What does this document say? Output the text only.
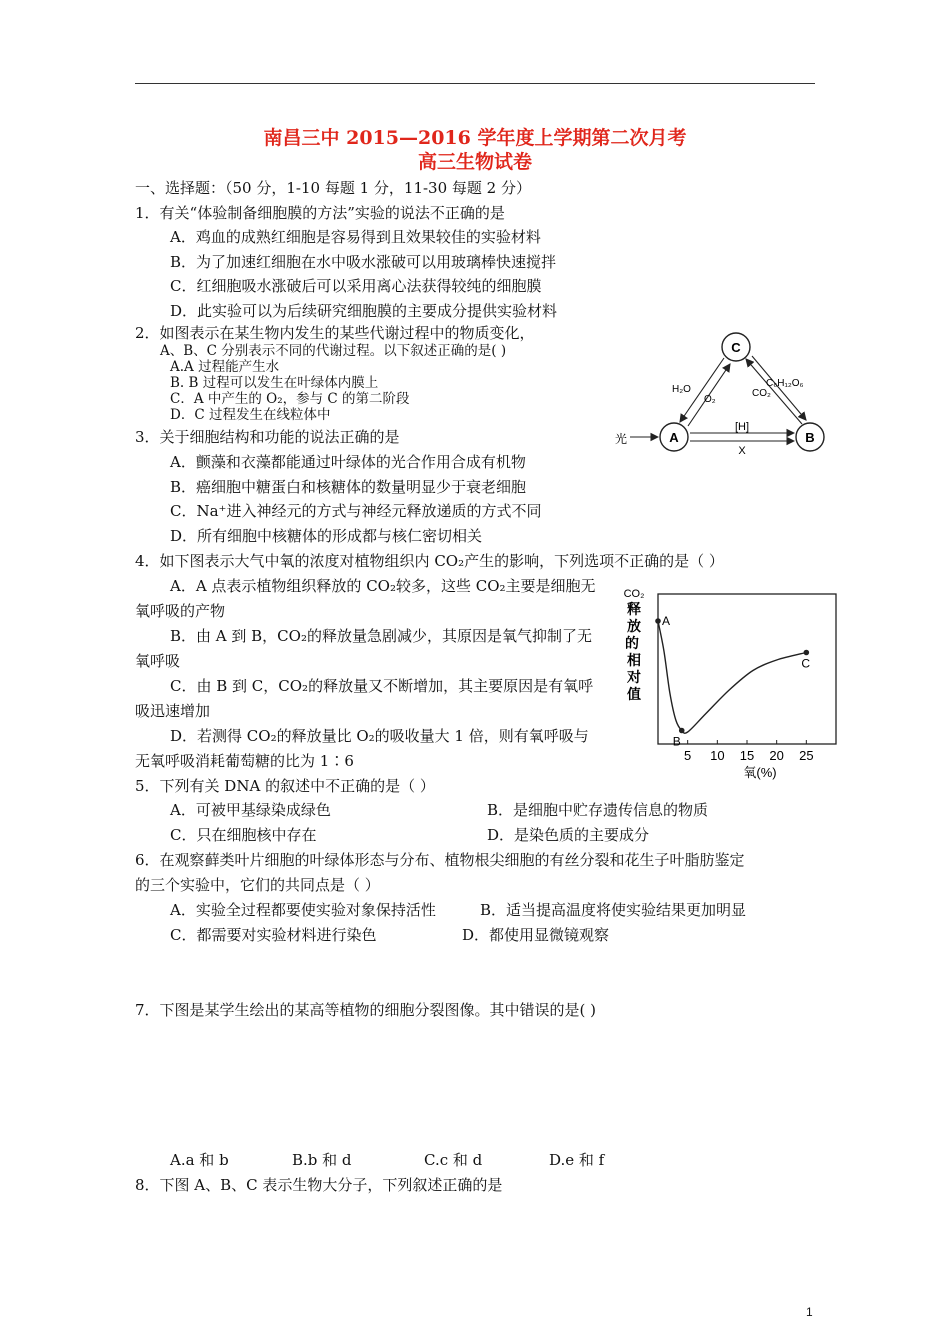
南昌三中 2015—2016 学年度上学期第二次月考
高三生物试卷
一、选择题：（50 分，1-10 每题 1 分，11-30 每题 2 分）
1．有关“体验制备细胞膜的方法”实验的说法不正确的是
A．鸡血的成熟红细胞是容易得到且效果较佳的实验材料
B．为了加速红细胞在水中吸水涨破可以用玻璃棒快速搅拌
C．红细胞吸水涨破后可以采用离心法获得较纯的细胞膜
D．此实验可以为后续研究细胞膜的主要成分提供实验材料
2．如图表示在某生物内发生的某些代谢过程中的物质变化，
A、B、C 分别表示不同的代谢过程。以下叙述正确的是( )
A.A 过程能产生水
B. B 过程可以发生在叶绿体内膜上
C．A 中产生的 O₂，参与 C 的第二阶段
D．C 过程发生在线粒体中
C
A	B
光
H₂O
O₂
CO₂
C₆H₁₂O₆
[H]
X
3．关于细胞结构和功能的说法正确的是
A．颤藻和衣藻都能通过叶绿体的光合作用合成有机物
B．癌细胞中糖蛋白和核糖体的数量明显少于衰老细胞
C．Na⁺进入神经元的方式与神经元释放递质的方式不同
D．所有细胞中核糖体的形成都与核仁密切相关
4．如下图表示大气中氧的浓度对植物组织内 CO₂产生的影响，下列选项不正确的是（ ）
A．A 点表示植物组织释放的 CO₂较多，这些 CO₂主要是细胞无
氧呼吸的产物
B．由 A 到 B，CO₂的释放量急剧减少，其原因是氧气抑制了无
氧呼吸
C．由 B 到 C，CO₂的释放量又不断增加，其主要原因是有氧呼
吸迅速增加
D．若测得 CO₂的释放量比 O₂的吸收量大 1 倍，则有氧呼吸与
无氧呼吸消耗葡萄糖的比为 1∶6
CO₂
释放的 相对值
5 10 15 20 25
A
B
C
氧(%)
5．下列有关 DNA 的叙述中不正确的是（ ）
A．可被甲基绿染成绿色	B．是细胞中贮存遗传信息的物质
C．只在细胞核中存在	D．是染色质的主要成分
6．在观察藓类叶片细胞的叶绿体形态与分布、植物根尖细胞的有丝分裂和花生子叶脂肪鉴定
的三个实验中，它们的共同点是（ ）
A．实验全过程都要使实验对象保持活性	B．适当提高温度将使实验结果更加明显
C．都需要对实验材料进行染色	D．都使用显微镜观察
7．下图是某学生绘出的某高等植物的细胞分裂图像。其中错误的是( )
A.a 和 b	B.b 和 d	C.c 和 d	D.e 和 f
8．下图 A、B、C 表示生物大分子，下列叙述正确的是
1
